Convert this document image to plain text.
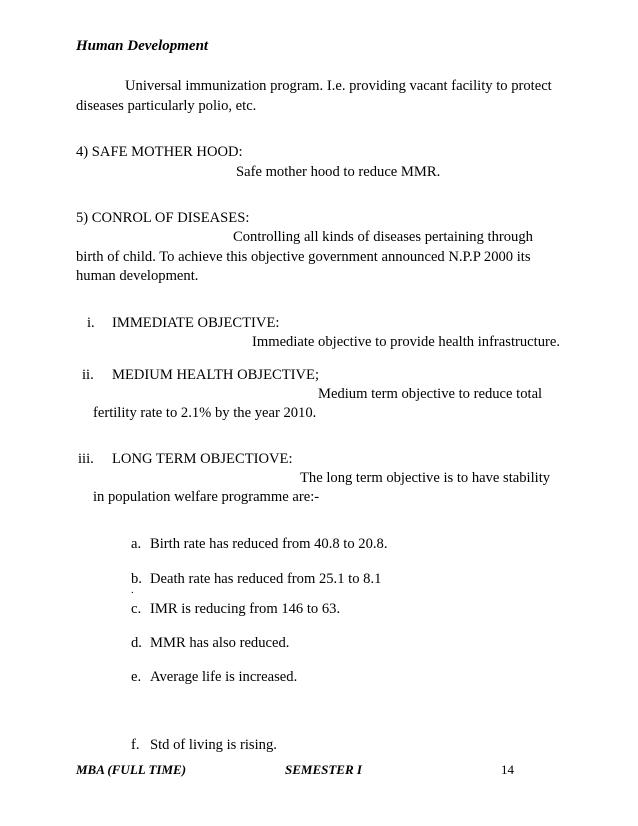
Human Development
Universal immunization program. I.e. providing vacant facility to protect
diseases particularly polio, etc.
4) SAFE MOTHER HOOD:
Safe mother hood to reduce MMR.
5) CONROL OF DISEASES:
Controlling all kinds of diseases pertaining through
birth of child. To achieve this objective government announced N.P.P 2000 its
human development.
i. IMMEDIATE OBJECTIVE:
Immediate objective to provide health infrastructure.
ii. MEDIUM HEALTH OBJECTIVE;
Medium term objective to reduce total
fertility rate to 2.1% by the year 2010.
iii. LONG TERM OBJECTIOVE:
The long term objective is to have stability
in population welfare programme are:-
a. Birth rate has reduced from 40.8 to 20.8.
b. Death rate has reduced from 25.1 to 8.1
.
c. IMR is reducing from 146 to 63.
d. MMR has also reduced.
e. Average life is increased.
f. Std of living is rising.
MBA (FULL TIME)	SEMESTER I	14
